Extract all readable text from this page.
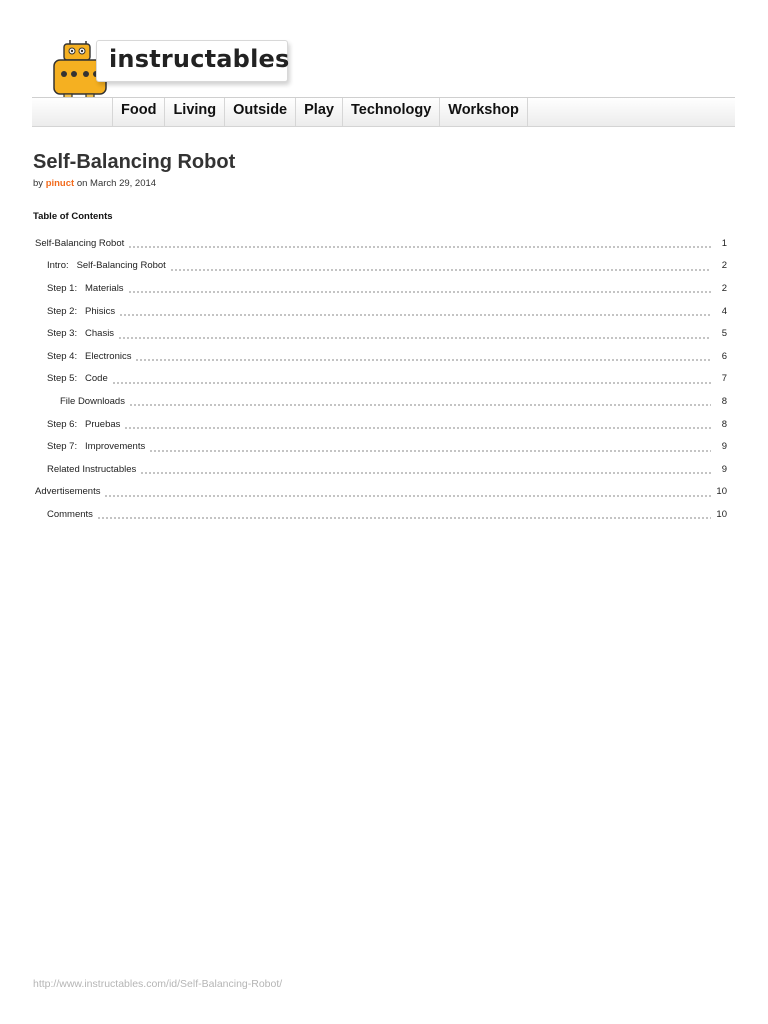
instructables
Food	Living	Outside	Play	Technology	Workshop
Self-Balancing Robot
by pinuct on March 29, 2014
Table of Contents
Self-Balancing Robot	1
Intro:   Self-Balancing Robot	2
Step 1:   Materials	2
Step 2:   Phisics	4
Step 3:   Chasis	5
Step 4:   Electronics	6
Step 5:   Code	7
File Downloads	8
Step 6:   Pruebas	8
Step 7:   Improvements	9
Related Instructables	9
Advertisements	10
Comments	10
http://www.instructables.com/id/Self-Balancing-Robot/
